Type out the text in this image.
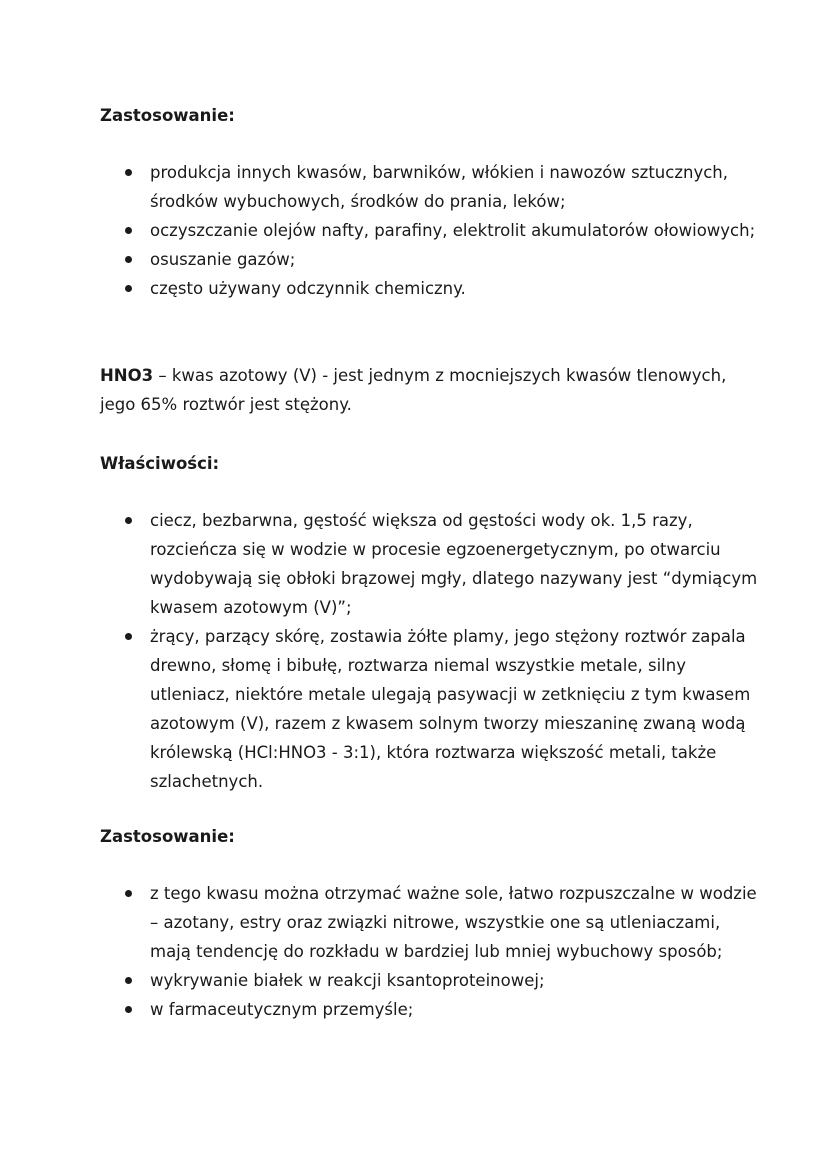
Zastosowanie:
produkcja innych kwasów, barwników, włókien i nawozów sztucznych, środków wybuchowych, środków do prania, leków;
oczyszczanie olejów nafty, parafiny, elektrolit akumulatorów ołowiowych;
osuszanie gazów;
często używany odczynnik chemiczny.

HNO3 – kwas azotowy (V) - jest jednym z mocniejszych kwasów tlenowych, jego 65% roztwór jest stężony.

Właściwości:
ciecz, bezbarwna, gęstość większa od gęstości wody ok. 1,5 razy, rozcieńcza się w wodzie w procesie egzoenergetycznym, po otwarciu wydobywają się obłoki brązowej mgły, dlatego nazywany jest “dymiącym kwasem azotowym (V)”;
żrący, parzący skórę, zostawia żółte plamy, jego stężony roztwór zapala drewno, słomę i bibułę, roztwarza niemal wszystkie metale, silny utleniacz, niektóre metale ulegają pasywacji w zetknięciu z tym kwasem azotowym (V), razem z kwasem solnym tworzy mieszaninę zwaną wodą królewską (HCl:HNO3 - 3:1), która roztwarza większość metali, także szlachetnych.
Zastosowanie:
z tego kwasu można otrzymać ważne sole, łatwo rozpuszczalne w wodzie – azotany, estry oraz związki nitrowe, wszystkie one są utleniaczami, mają tendencję do rozkładu w bardziej lub mniej wybuchowy sposób;
wykrywanie białek w reakcji ksantoproteinowej;
w farmaceutycznym przemyśle;
